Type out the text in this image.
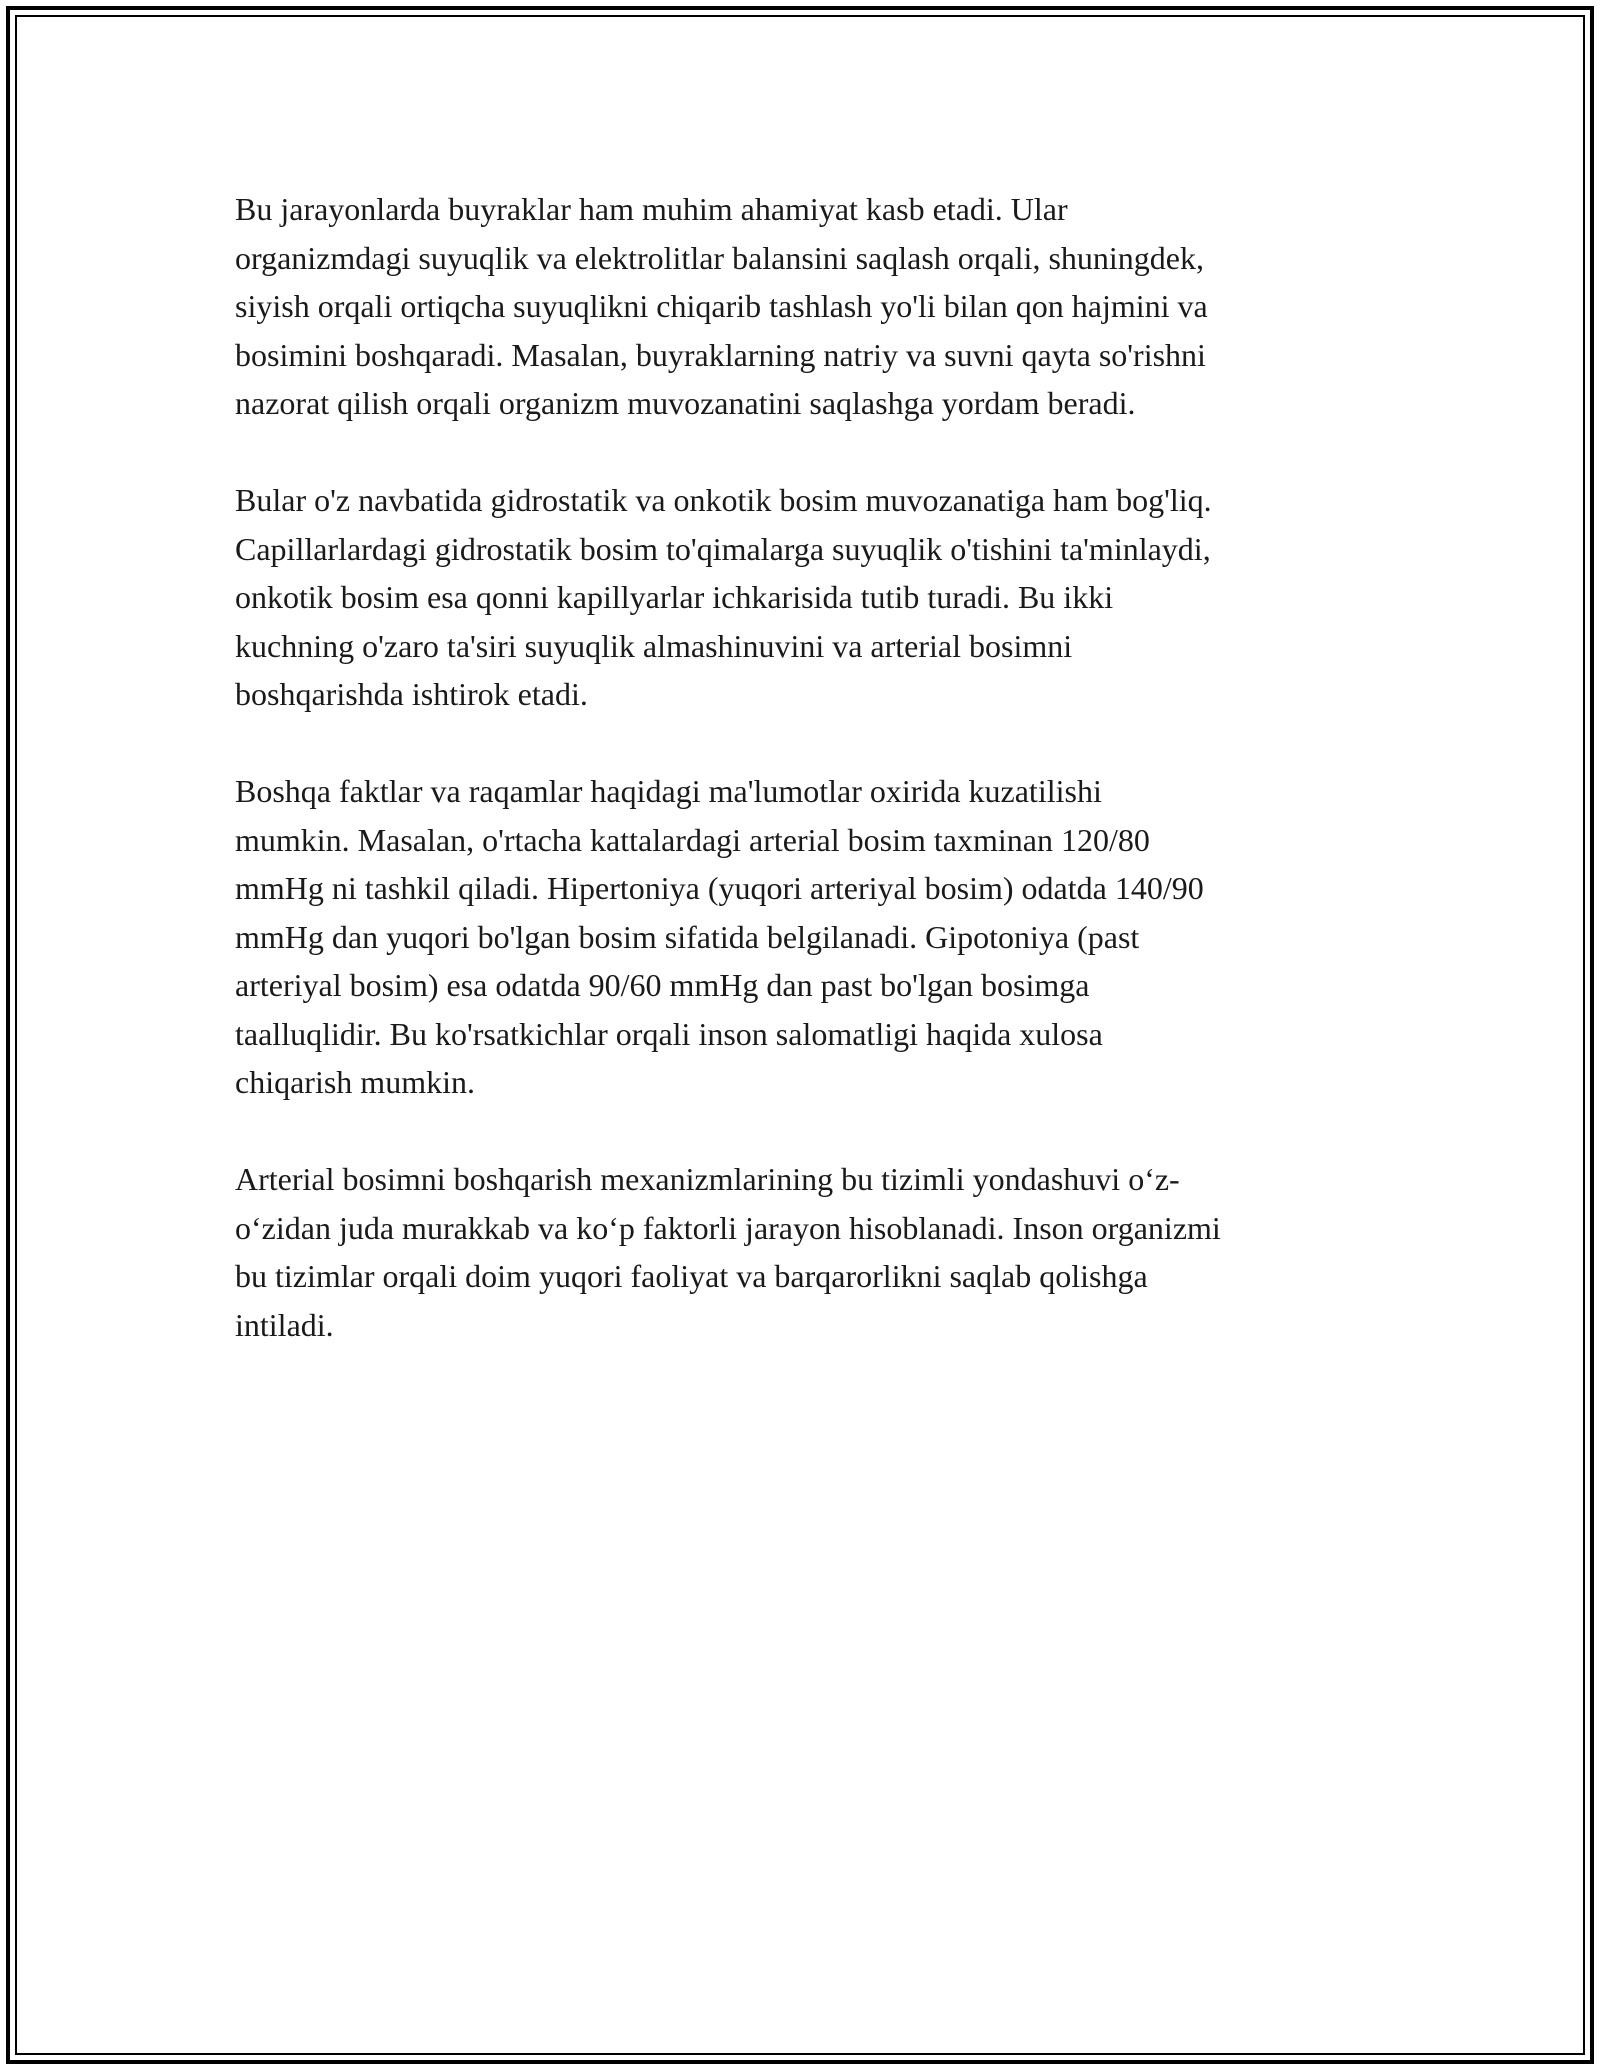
Bu jarayonlarda buyraklar ham muhim ahamiyat kasb etadi. Ular
organizmdagi suyuqlik va elektrolitlar balansini saqlash orqali, shuningdek,
siyish orqali ortiqcha suyuqlikni chiqarib tashlash yo'li bilan qon hajmini va
bosimini boshqaradi. Masalan, buyraklarning natriy va suvni qayta so'rishni
nazorat qilish orqali organizm muvozanatini saqlashga yordam beradi.

Bular o'z navbatida gidrostatik va onkotik bosim muvozanatiga ham bog'liq.
Capillarlardagi gidrostatik bosim to'qimalarga suyuqlik o'tishini ta'minlaydi,
onkotik bosim esa qonni kapillyarlar ichkarisida tutib turadi. Bu ikki
kuchning o'zaro ta'siri suyuqlik almashinuvini va arterial bosimni
boshqarishda ishtirok etadi.

Boshqa faktlar va raqamlar haqidagi ma'lumotlar oxirida kuzatilishi
mumkin. Masalan, o'rtacha kattalardagi arterial bosim taxminan 120/80
mmHg ni tashkil qiladi. Hipertoniya (yuqori arteriyal bosim) odatda 140/90
mmHg dan yuqori bo'lgan bosim sifatida belgilanadi. Gipotoniya (past
arteriyal bosim) esa odatda 90/60 mmHg dan past bo'lgan bosimga
taalluqlidir. Bu ko'rsatkichlar orqali inson salomatligi haqida xulosa
chiqarish mumkin.

Arterial bosimni boshqarish mexanizmlarining bu tizimli yondashuvi o‘z-
o‘zidan juda murakkab va ko‘p faktorli jarayon hisoblanadi. Inson organizmi
bu tizimlar orqali doim yuqori faoliyat va barqarorlikni saqlab qolishga
intiladi.
